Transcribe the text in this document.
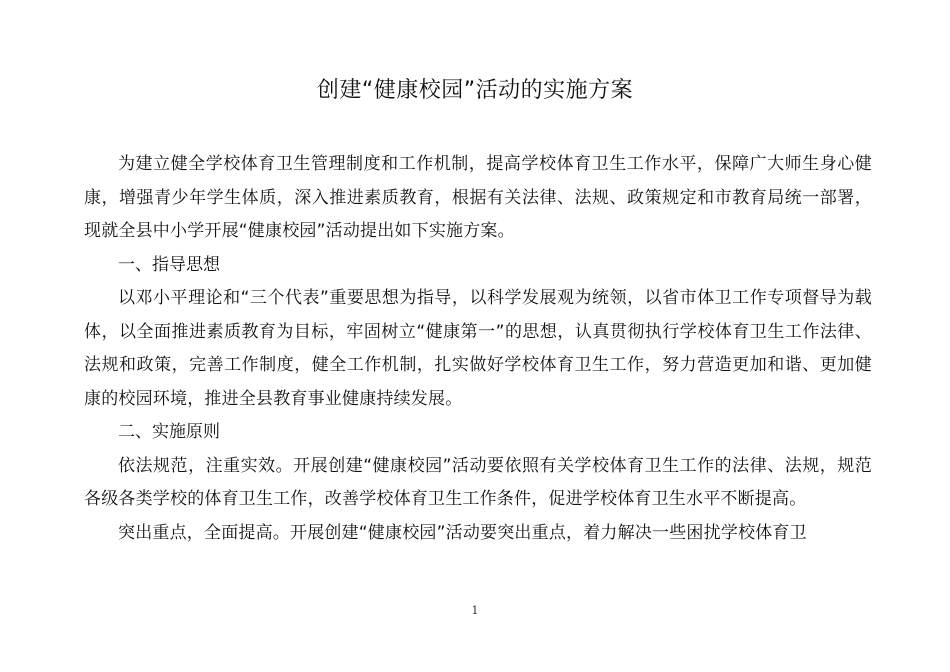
创建“健康校园”活动的实施方案

为建立健全学校体育卫生管理制度和工作机制，提高学校体育卫生工作水平，保障广大师生身心健康，增强青少年学生体质，深入推进素质教育，根据有关法律、法规、政策规定和市教育局统一部署，现就全县中小学开展“健康校园”活动提出如下实施方案。

一、指导思想

以邓小平理论和“三个代表”重要思想为指导，以科学发展观为统领，以省市体卫工作专项督导为载体，以全面推进素质教育为目标，牢固树立“健康第一”的思想，认真贯彻执行学校体育卫生工作法律、法规和政策，完善工作制度，健全工作机制，扎实做好学校体育卫生工作，努力营造更加和谐、更加健康的校园环境，推进全县教育事业健康持续发展。

二、实施原则

依法规范，注重实效。开展创建“健康校园”活动要依照有关学校体育卫生工作的法律、法规，规范各级各类学校的体育卫生工作，改善学校体育卫生工作条件，促进学校体育卫生水平不断提高。

突出重点，全面提高。开展创建“健康校园”活动要突出重点，着力解决一些困扰学校体育卫

1
